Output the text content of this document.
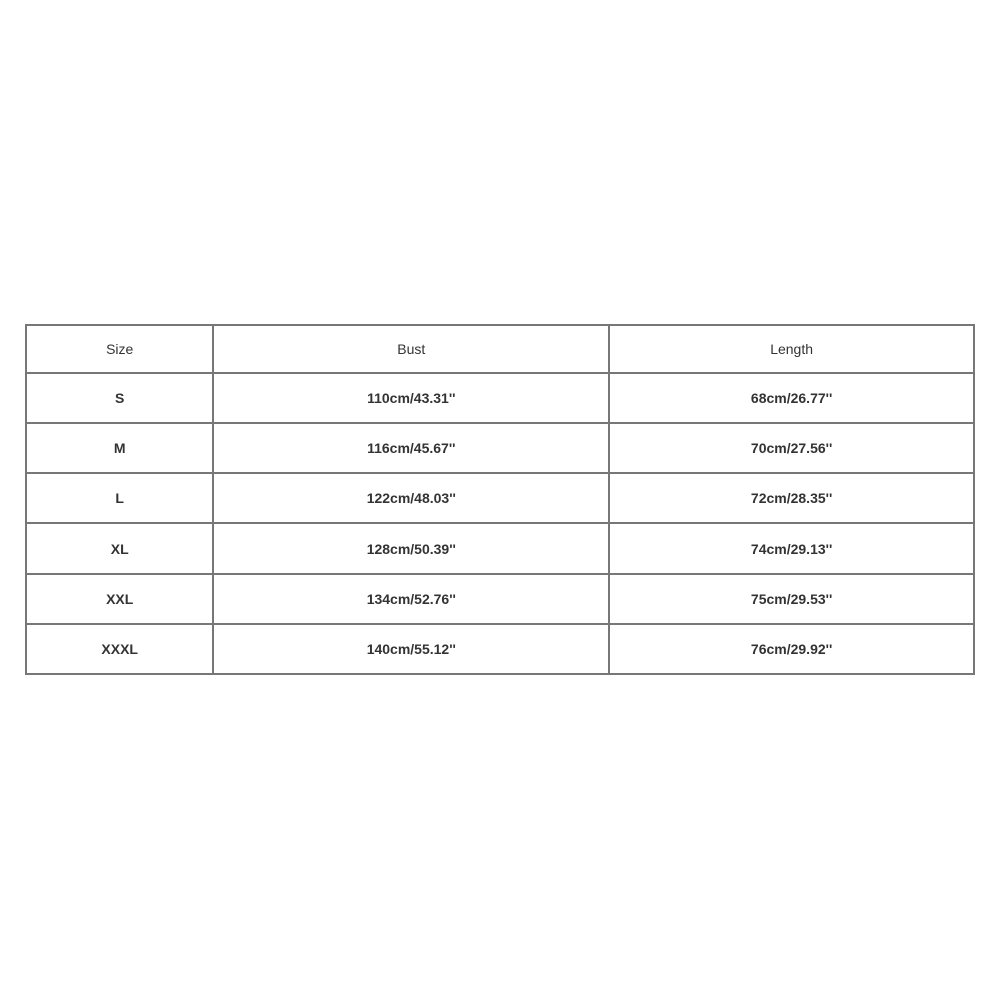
Size	Bust	Length
S	110cm/43.31''	68cm/26.77''
M	116cm/45.67''	70cm/27.56''
L	122cm/48.03''	72cm/28.35''
XL	128cm/50.39''	74cm/29.13''
XXL	134cm/52.76''	75cm/29.53''
XXXL	140cm/55.12''	76cm/29.92''
